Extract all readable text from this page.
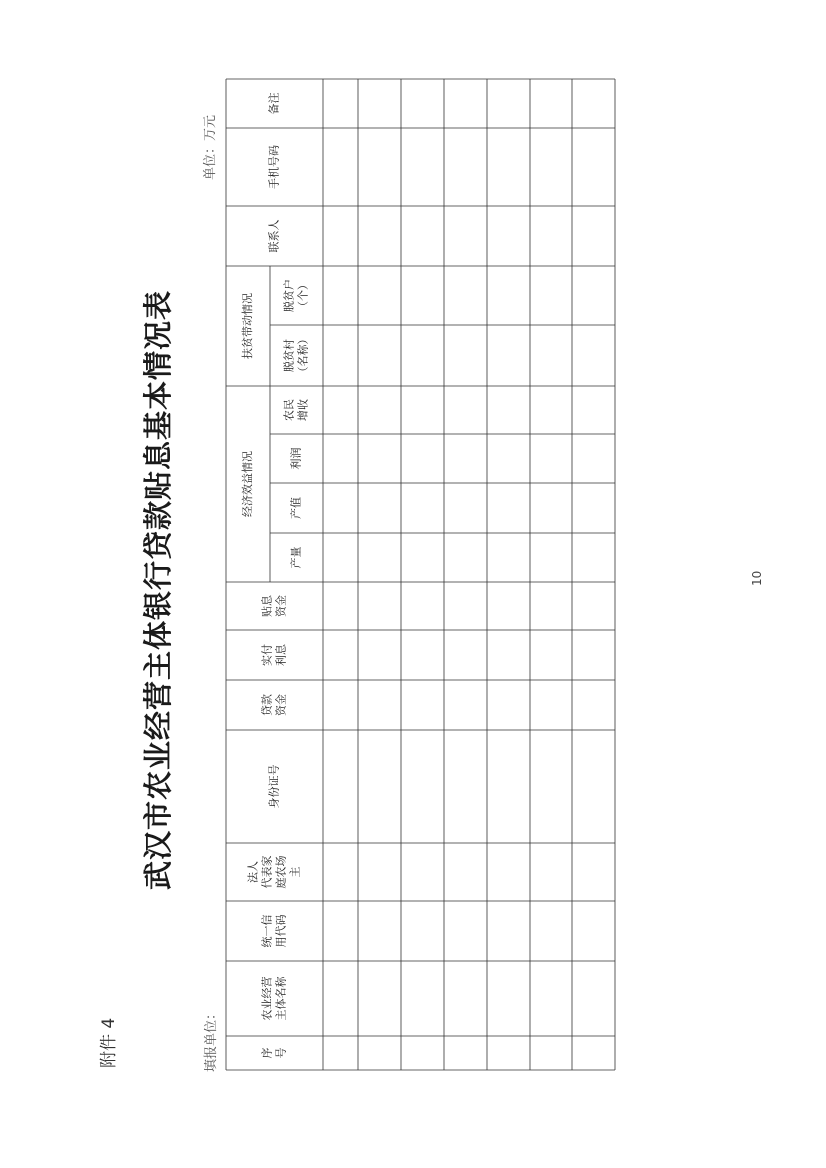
附件 4
武汉市农业经营主体银行贷款贴息基本情况表
填报单位：
单位：万元
10
序 号
农业经营 主体名称
统一信 用代码
法人 代表家 庭农场 主
身份证号
贷款 资金
实付 利息
贴息 资金
经济效益情况
产量
产值
利润
农民 增收
扶贫带动情况	脱贫村 （名称）
脱贫户 （个）
联系人
手机号码
备注
